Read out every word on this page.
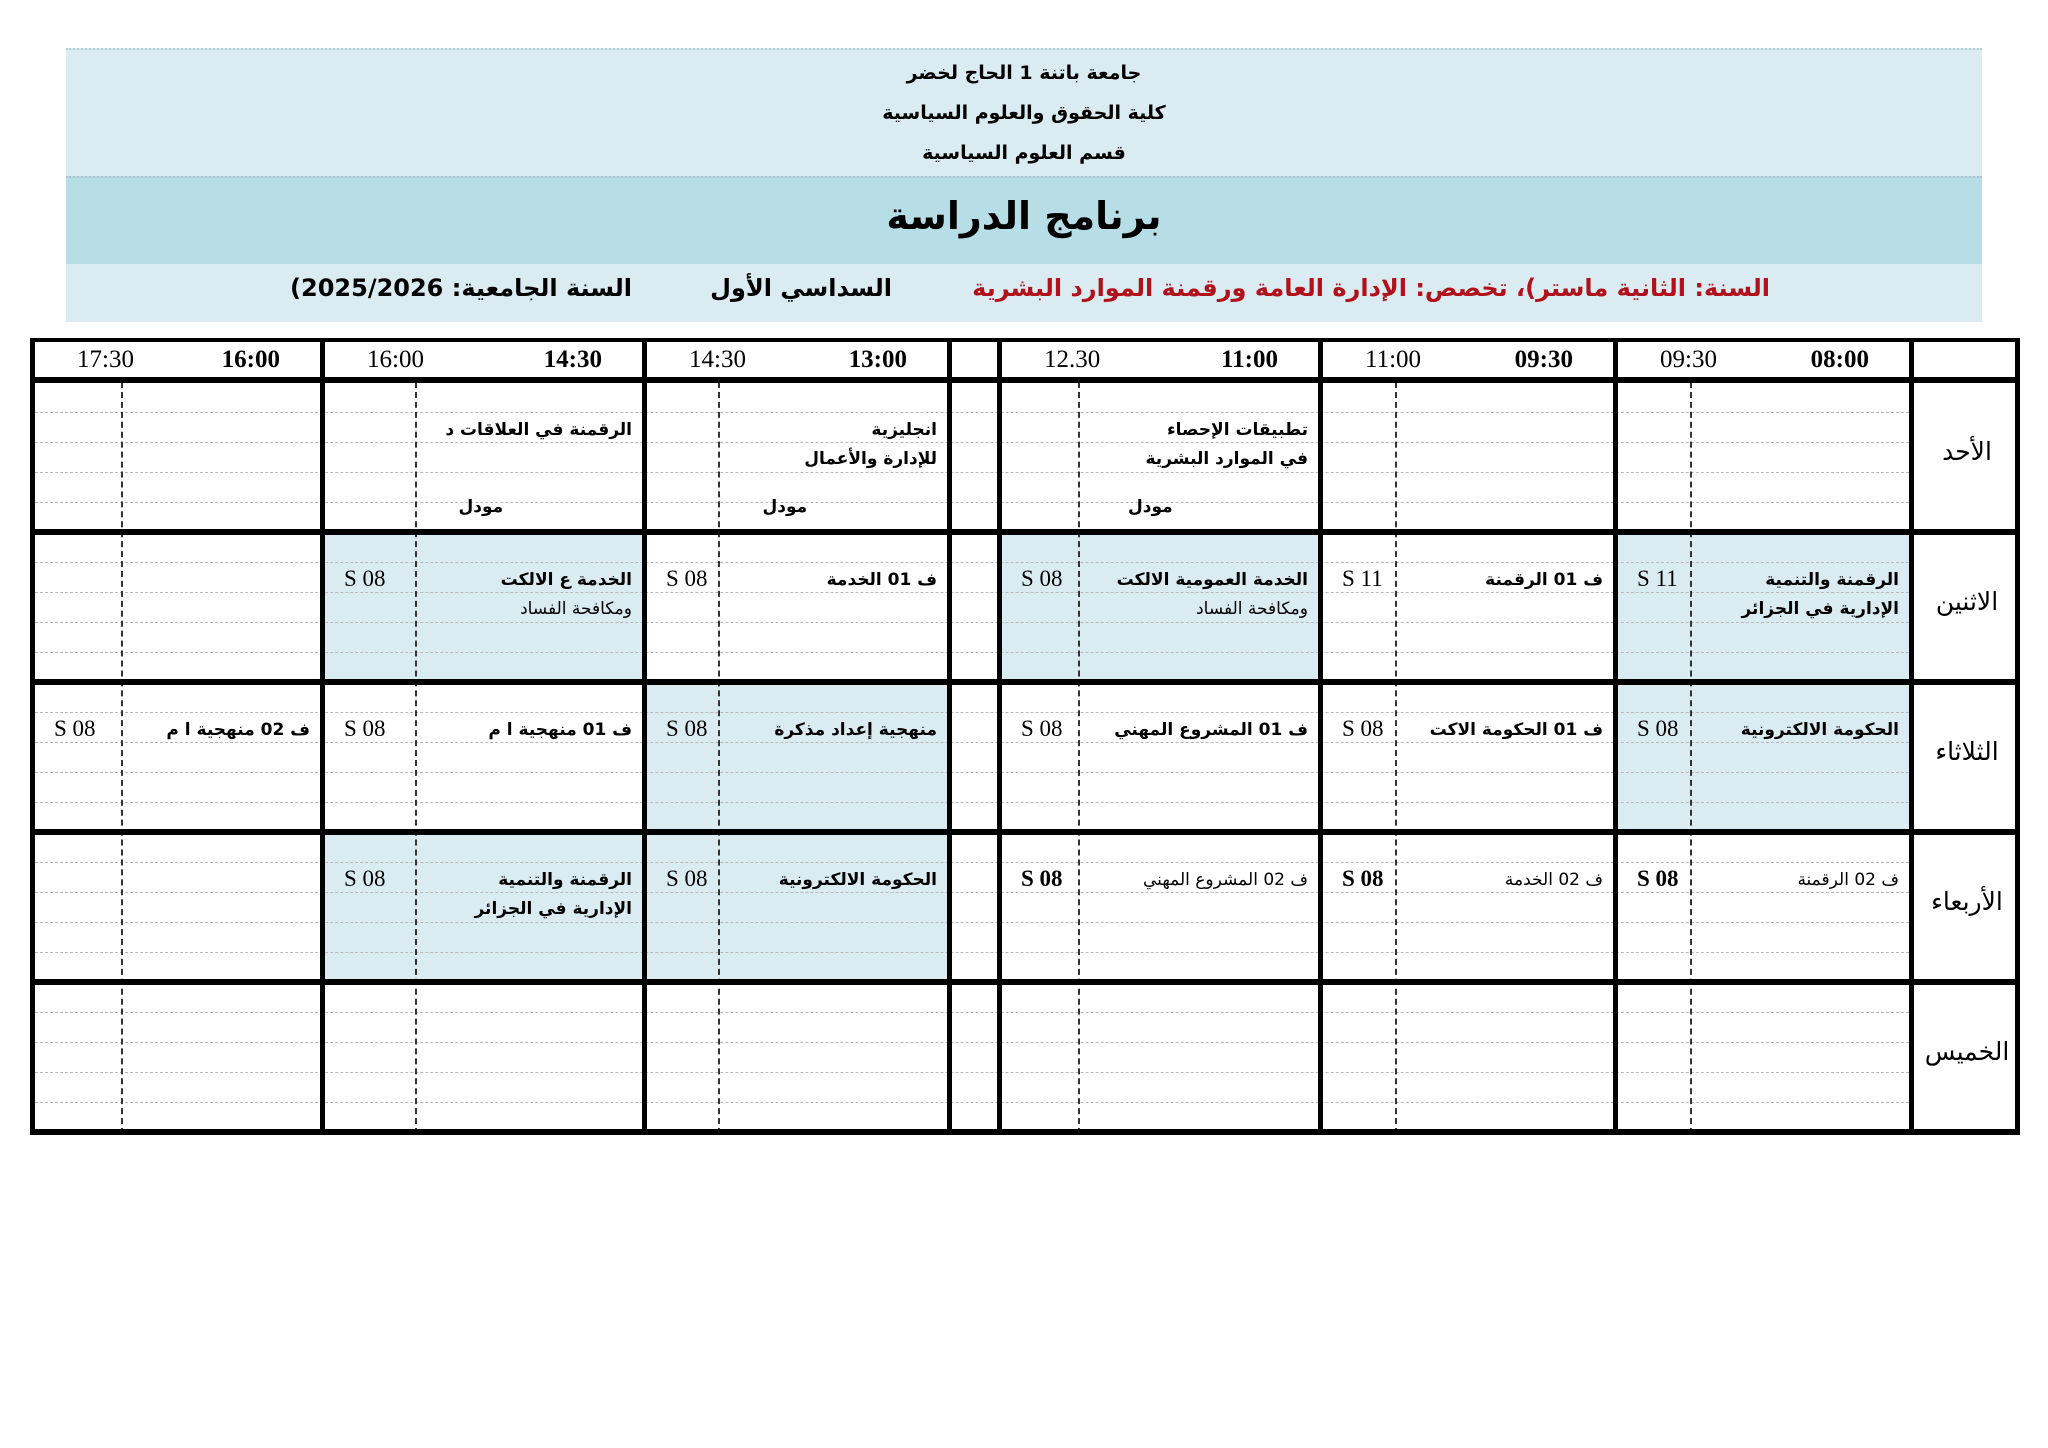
جامعة باتنة 1 الحاج لخضر
كلية الحقوق والعلوم السياسية
قسم العلوم السياسية
برنامج الدراسة
السنة: الثانية ماستر)، تخصص: الإدارة العامة ورقمنة الموارد البشرية
السداسي الأول
السنة الجامعية: 2025/2026)
08:00
09:30
09:30
11:00
11:00
12.30
13:00
14:30
14:30
16:00
16:00
17:30
الأحد
تطبيقات الإحصاء
في الموارد البشرية
مودل
انجليزية
للإدارة والأعمال
مودل
الرقمنة في العلاقات د
مودل
الاثنين
الرقمنة والتنمية
الإدارية في الجزائر
S 11
ف 01 الرقمنة
S 11
الخدمة العمومية الالكت
ومكافحة الفساد
S 08
ف 01 الخدمة
S 08
الخدمة ع الالكت
ومكافحة الفساد
S 08
الثلاثاء
الحكومة الالكترونية
S 08
ف 01 الحكومة الاكت
S 08
ف 01 المشروع المهني
S 08
منهجية إعداد مذكرة
S 08
ف 01 منهجية ا م
S 08
ف 02 منهجية ا م
S 08
الأربعاء
ف 02 الرقمنة
S 08
ف 02 الخدمة
S 08
ف 02 المشروع المهني
S 08
الحكومة الالكترونية
S 08
الرقمنة والتنمية
الإدارية في الجزائر
S 08
الخميس
